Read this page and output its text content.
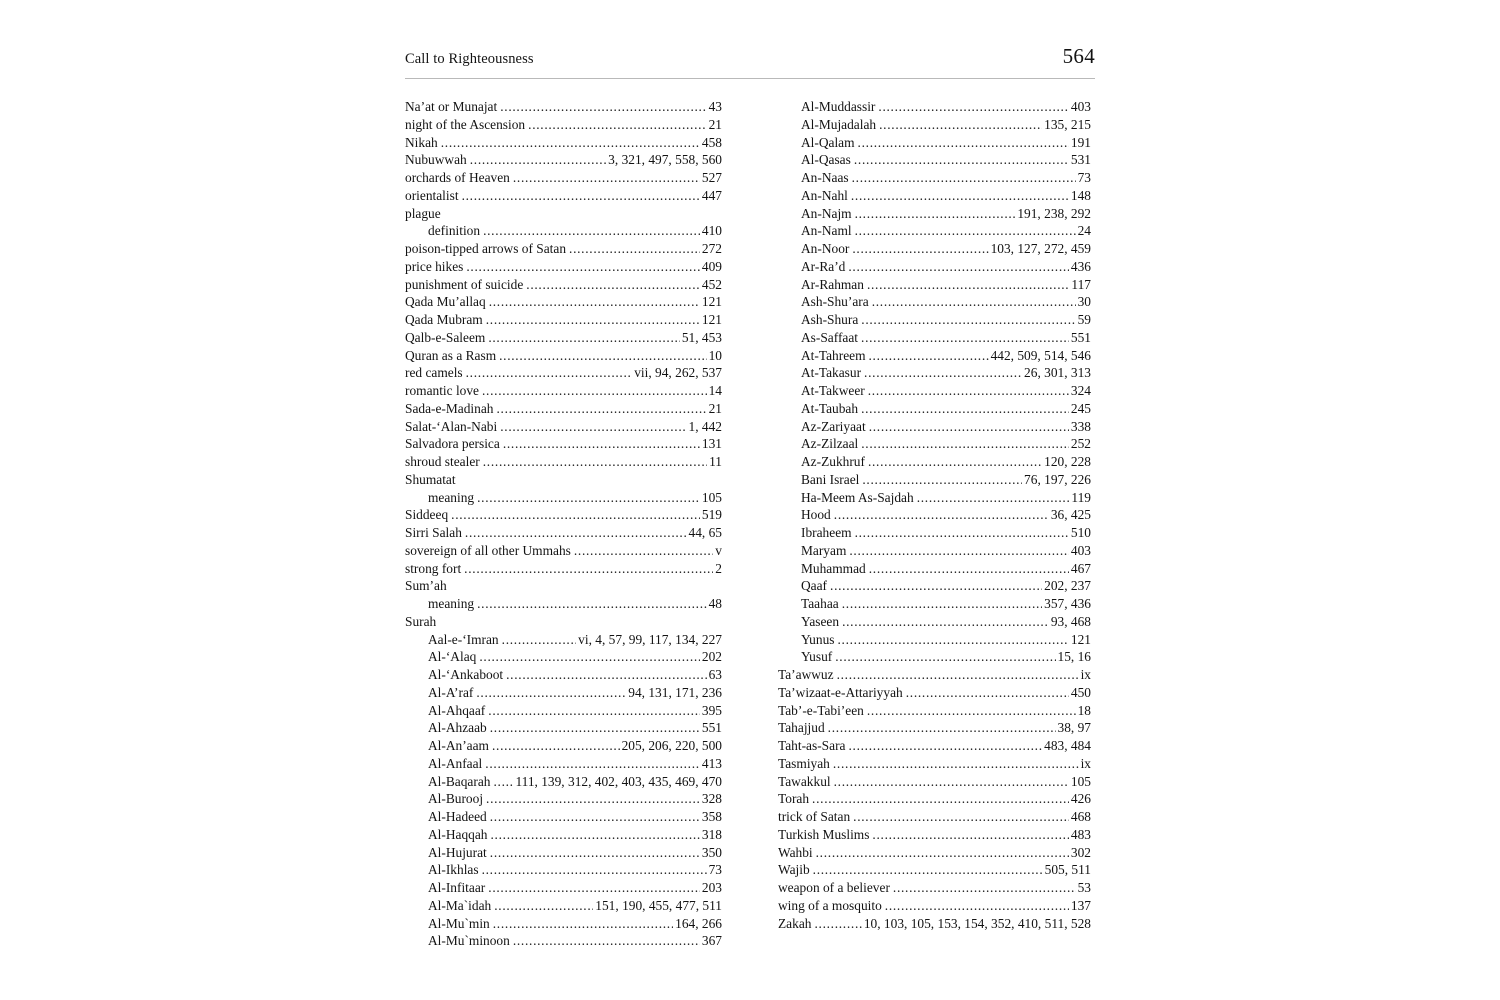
Call to Righteousness	564
Na’at or Munajat .....	43
night of the Ascension .....	21
Nikah .....	458
Nubuwwah .....	3, 321, 497, 558, 560
orchards of Heaven .....	527
orientalist .....	447
plague
definition .....	410
poison-tipped arrows of Satan .....	272
price hikes .....	409
punishment of suicide .....	452
Qada Mu’allaq .....	121
Qada Mubram .....	121
Qalb-e-Saleem .....	51, 453
Quran as a Rasm .....	10
red camels .....	vii, 94, 262, 537
romantic love .....	14
Sada-e-Madinah .....	21
Salat-‘Alan-Nabi .....	1, 442
Salvadora persica .....	131
shroud stealer .....	11
Shumatat
meaning .....	105
Siddeeq .....	519
Sirri Salah .....	44, 65
sovereign of all other Ummahs .....	v
strong fort .....	2
Sum’ah
meaning .....	48
Surah
Aal-e-‘Imran .....	vi, 4, 57, 99, 117, 134, 227
Al-‘Alaq .....	202
Al-‘Ankaboot .....	63
Al-A’raf .....	94, 131, 171, 236
Al-Ahqaaf .....	395
Al-Ahzaab .....	551
Al-An’aam .....	205, 206, 220, 500
Al-Anfaal .....	413
Al-Baqarah ..... 111, 139, 312, 402, 403, 435, 469, 470
Al-Burooj .....	328
Al-Hadeed .....	358
Al-Haqqah .....	318
Al-Hujurat .....	350
Al-Ikhlas .....	73
Al-Infitaar .....	203
Al-Ma`idah .....	151, 190, 455, 477, 511
Al-Mu`min .....	164, 266
Al-Mu`minoon .....	367
Al-Muddassir .....	403
Al-Mujadalah .....	135, 215
Al-Qalam .....	191
Al-Qasas .....	531
An-Naas .....	73
An-Nahl .....	148
An-Najm .....	191, 238, 292
An-Naml .....	24
An-Noor .....	103, 127, 272, 459
Ar-Ra’d .....	436
Ar-Rahman .....	117
Ash-Shu’ara .....	30
Ash-Shura .....	59
As-Saffaat .....	551
At-Tahreem .....	442, 509, 514, 546
At-Takasur .....	26, 301, 313
At-Takweer .....	324
At-Taubah .....	245
Az-Zariyaat .....	338
Az-Zilzaal .....	252
Az-Zukhruf .....	120, 228
Bani Israel .....	76, 197, 226
Ha-Meem As-Sajdah .....	119
Hood .....	36, 425
Ibraheem .....	510
Maryam .....	403
Muhammad .....	467
Qaaf .....	202, 237
Taahaa .....	357, 436
Yaseen .....	93, 468
Yunus .....	121
Yusuf .....	15, 16
Ta’awwuz .....	ix
Ta’wizaat-e-Attariyyah .....	450
Tab’-e-Tabi’een .....	18
Tahajjud .....	38, 97
Taht-as-Sara .....	483, 484
Tasmiyah .....	ix
Tawakkul .....	105
Torah .....	426
trick of Satan .....	468
Turkish Muslims .....	483
Wahbi .....	302
Wajib .....	505, 511
weapon of a believer .....	53
wing of a mosquito .....	137
Zakah .....	10, 103, 105, 153, 154, 352, 410, 511, 528
